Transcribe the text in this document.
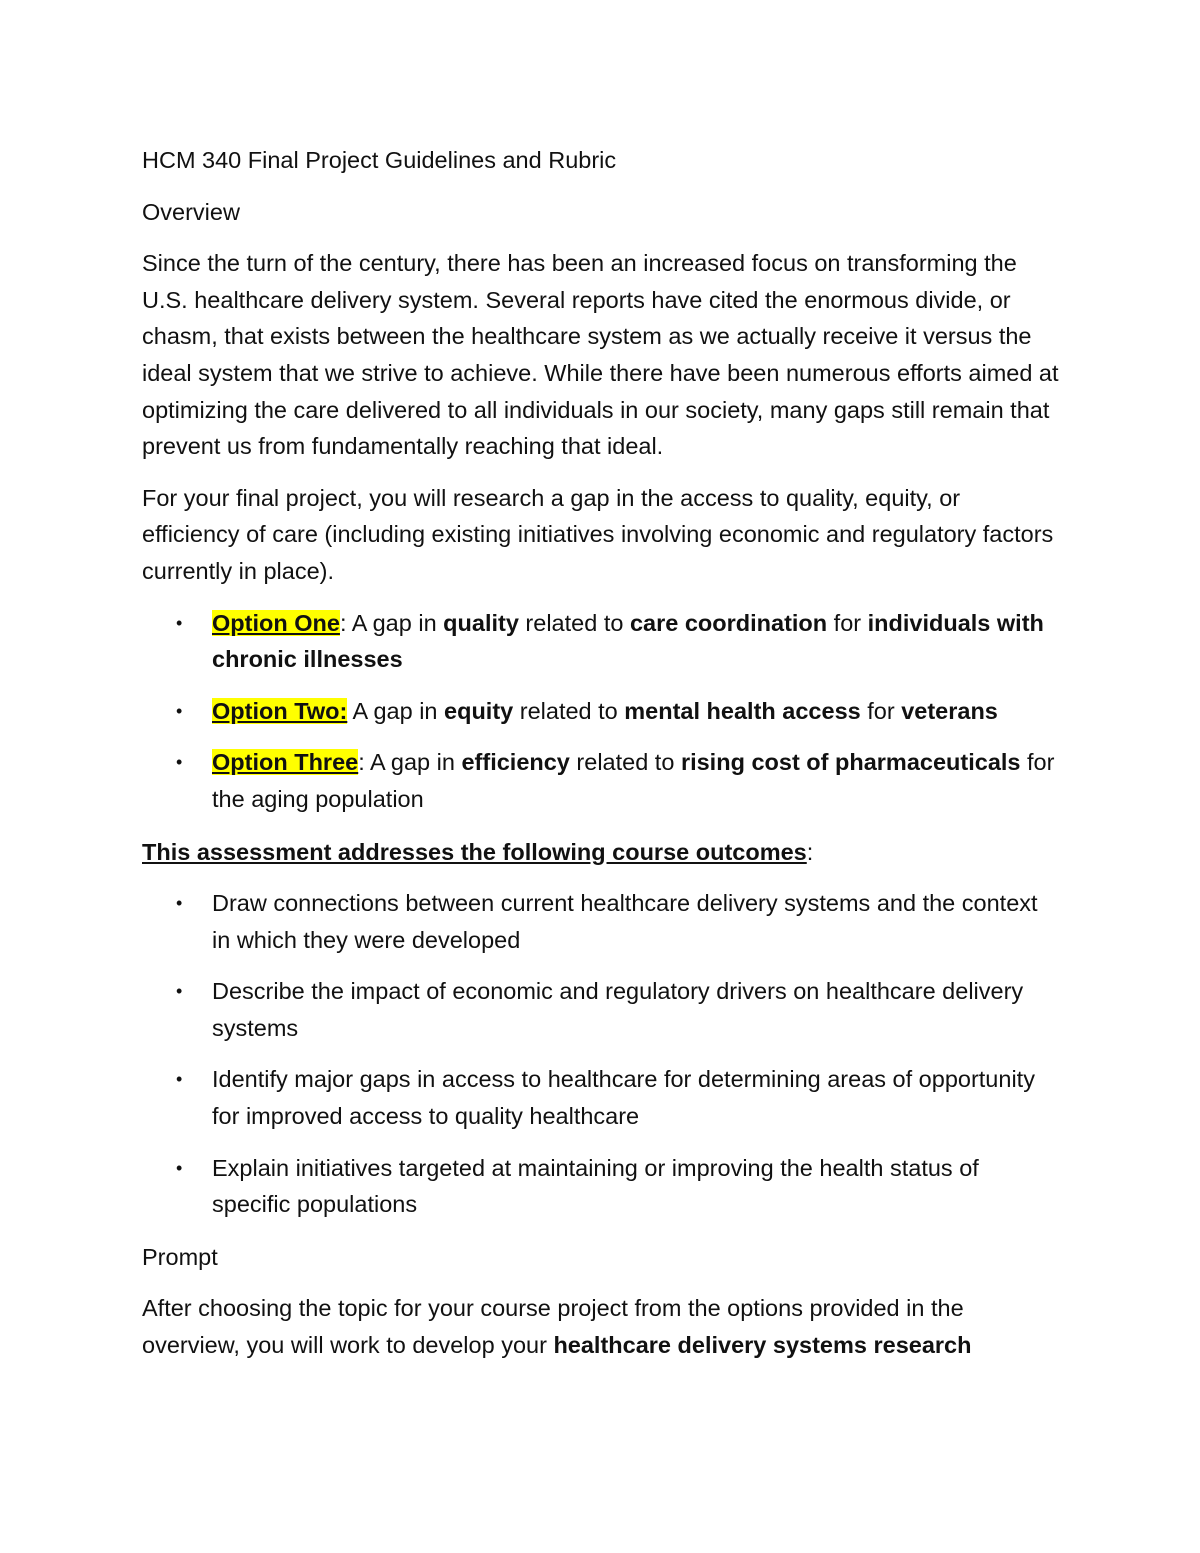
HCM 340 Final Project Guidelines and Rubric

Overview

Since the turn of the century, there has been an increased focus on transforming the U.S. healthcare delivery system. Several reports have cited the enormous divide, or chasm, that exists between the healthcare system as we actually receive it versus the ideal system that we strive to achieve. While there have been numerous efforts aimed at optimizing the care delivered to all individuals in our society, many gaps still remain that prevent us from fundamentally reaching that ideal.

For your final project, you will research a gap in the access to quality, equity, or efficiency of care (including existing initiatives involving economic and regulatory factors currently in place).

•	Option One: A gap in quality related to care coordination for individuals with chronic illnesses
•	Option Two: A gap in equity related to mental health access for veterans
•	Option Three: A gap in efficiency related to rising cost of pharmaceuticals for the aging population

This assessment addresses the following course outcomes:

•	Draw connections between current healthcare delivery systems and the context in which they were developed
•	Describe the impact of economic and regulatory drivers on healthcare delivery systems
•	Identify major gaps in access to healthcare for determining areas of opportunity for improved access to quality healthcare
•	Explain initiatives targeted at maintaining or improving the health status of specific populations

Prompt

After choosing the topic for your course project from the options provided in the overview, you will work to develop your healthcare delivery systems research
